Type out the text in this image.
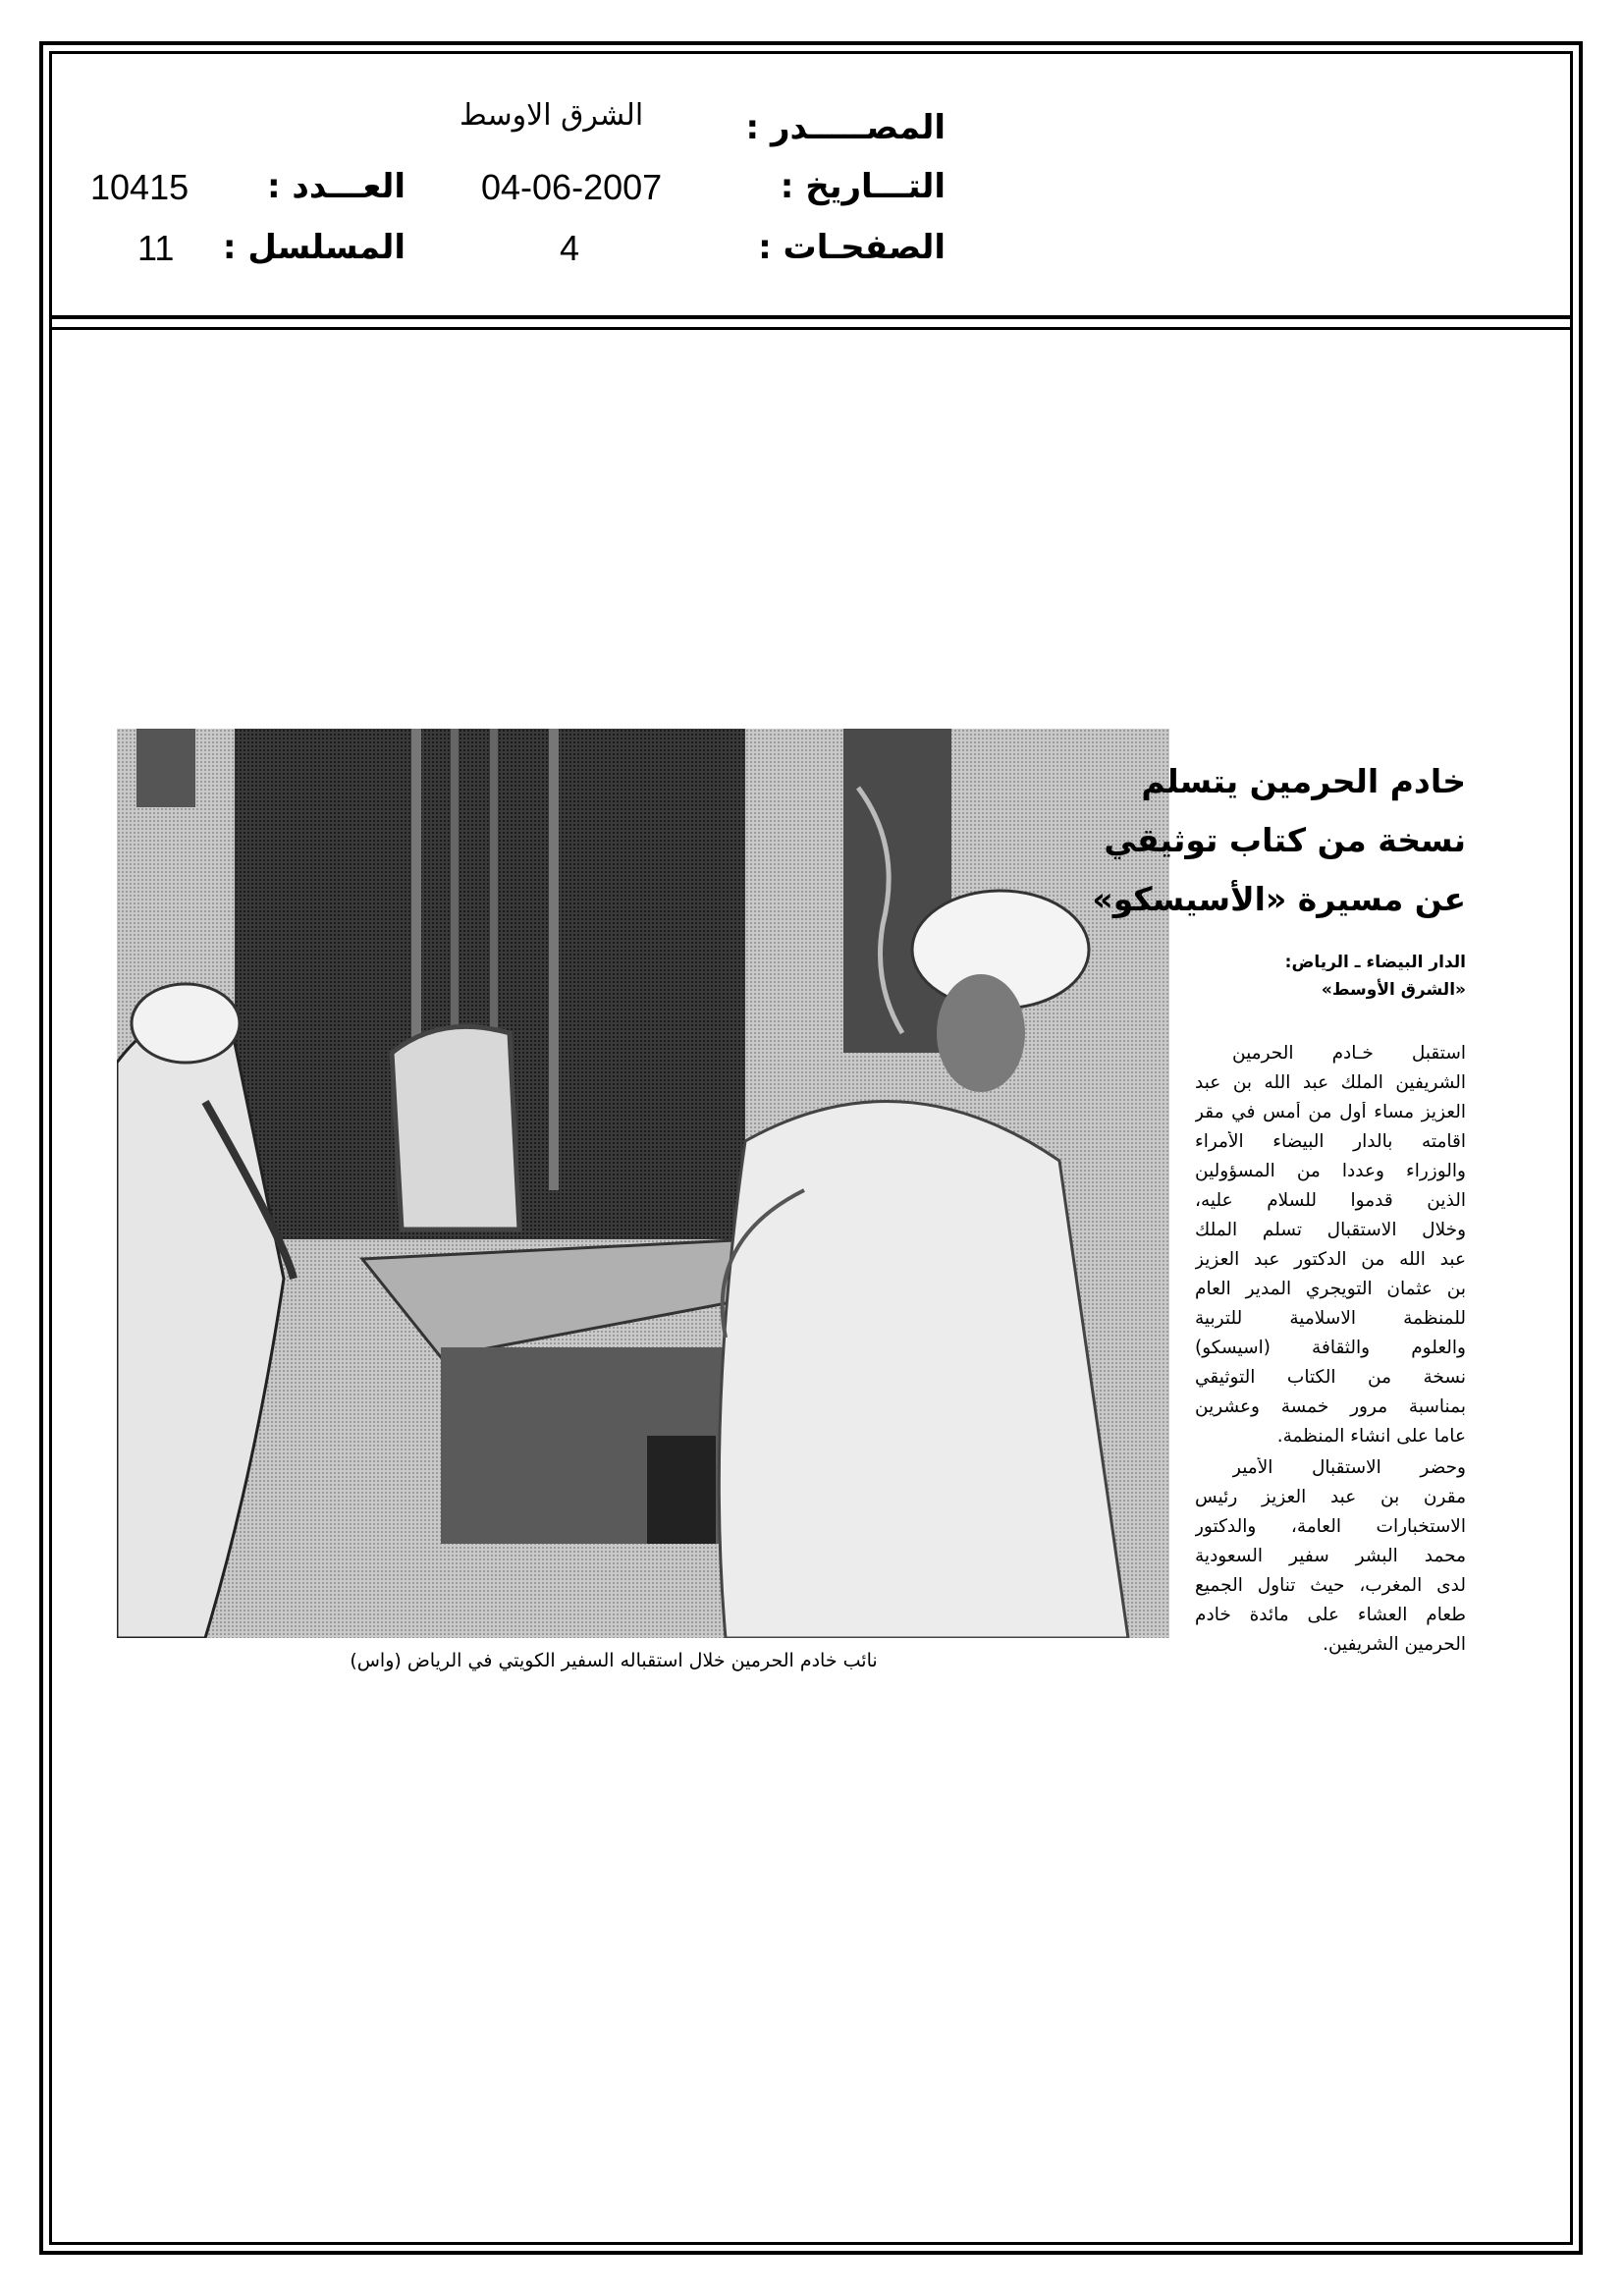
المصـــــدر :
الشرق الاوسط
التـــاريخ :
04-06-2007
الصفحـات :
4
العـــدد :
10415
المسلسل :
11
نائب خادم الحرمين خلال استقباله السفير الكويتي في الرياض (واس)
خادم الحرمين يتسلم
نسخة من كتاب توثيقي
عن مسيرة «الأسيسكو»
الدار البيضاء ـ الرياض:
«الشرق الأوسط»
استقبل خـادم الحرمين
الشريفين الملك عبد الله بن عبد
العزيز مساء أول من أمس في مقر
اقامته بالدار البيضاء الأمراء
والوزراء وعددا من المسؤولين
الذين قدموا للسلام عليه،
وخلال الاستقبال تسلم الملك
عبد الله من الدكتور عبد العزيز
بن عثمان التويجري المدير العام
للمنظمة الاسلامية للتربية
والعلوم والثقافة (اسيسكو)
نسخة من الكتاب التوثيقي
بمناسبة مرور خمسة وعشرين
عاما على انشاء المنظمة.
وحضر الاستقبال الأمير
مقرن بن عبد العزيز رئيس
الاستخبارات العامة، والدكتور
محمد البشر سفير السعودية
لدى المغرب، حيث تناول الجميع
طعام العشاء على مائدة خادم
الحرمين الشريفين.
